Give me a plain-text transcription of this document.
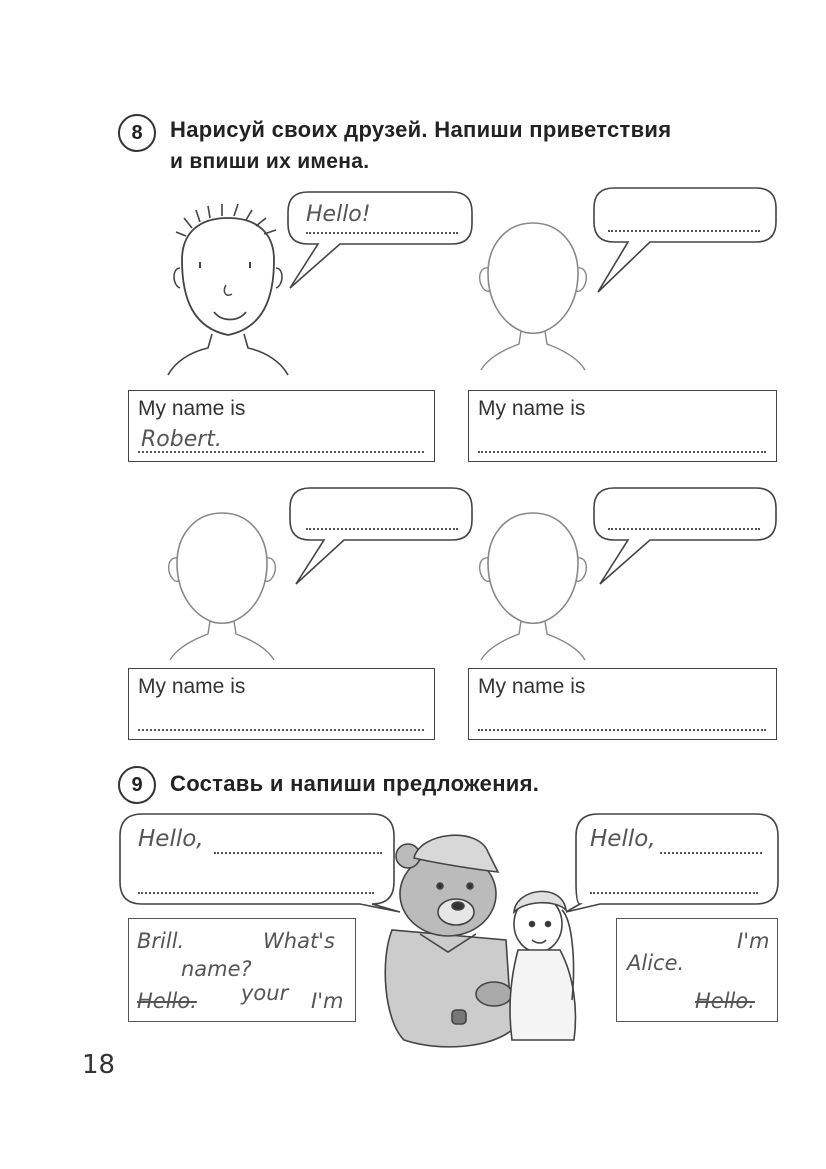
8	Нарисуй своих друзей. Напиши приветствия
и впиши их имена.
Hello!
My name is
Robert.
My name is
My name is	My name is
9	Составь и напиши предложения.
Hello,	Hello,
Brill.	What's
name?
Hello. your I'm
I'm
Alice.
Hello.
18
